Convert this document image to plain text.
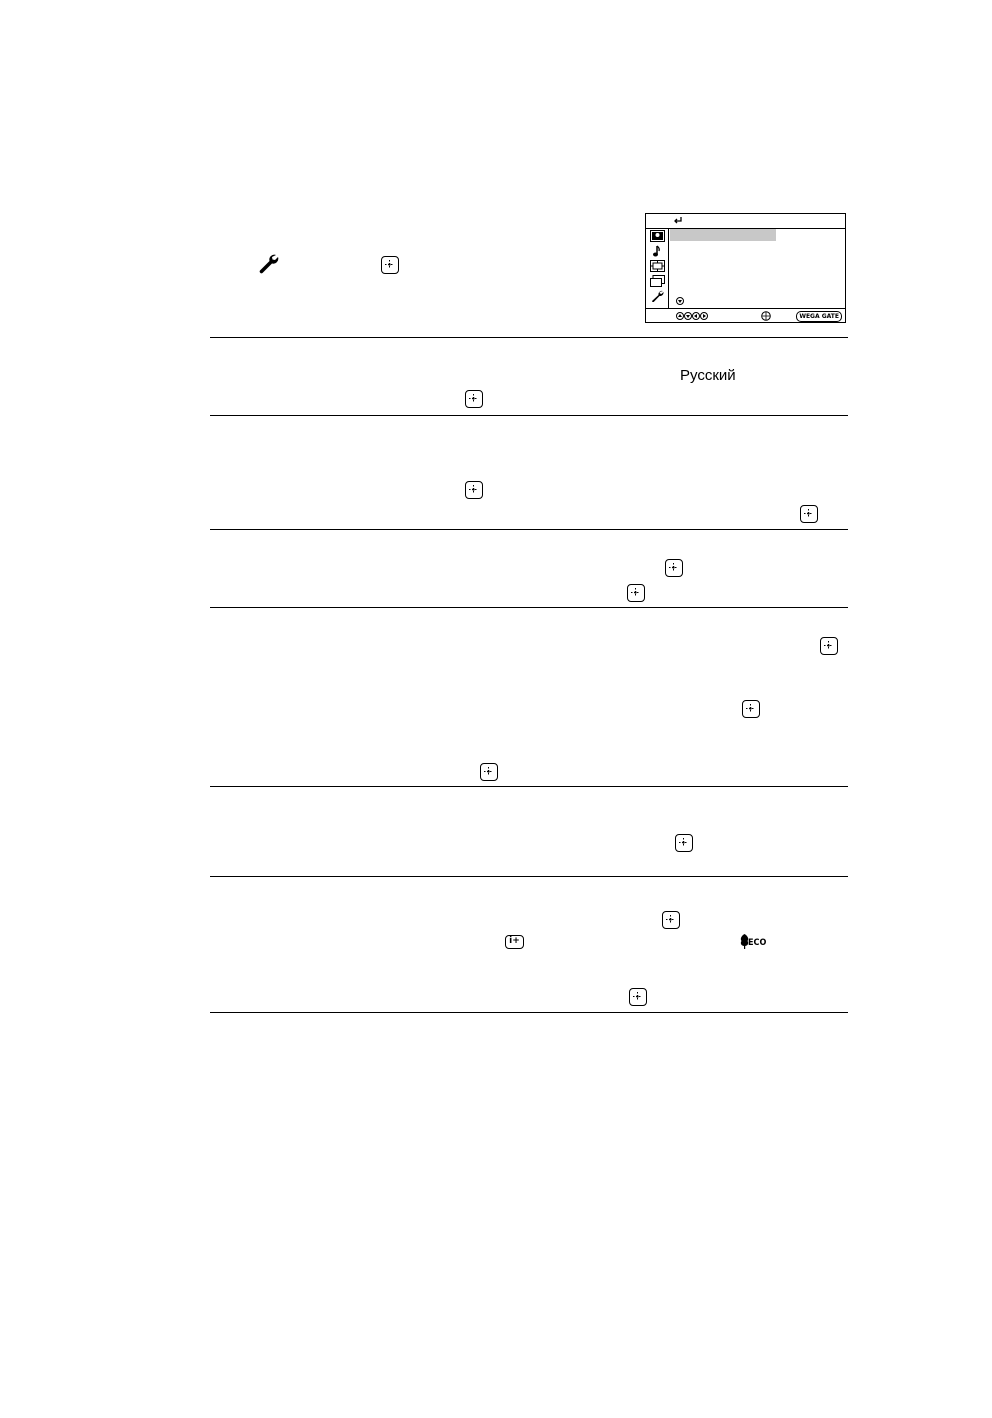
WEGA GATE
Русский
i+	ECO
